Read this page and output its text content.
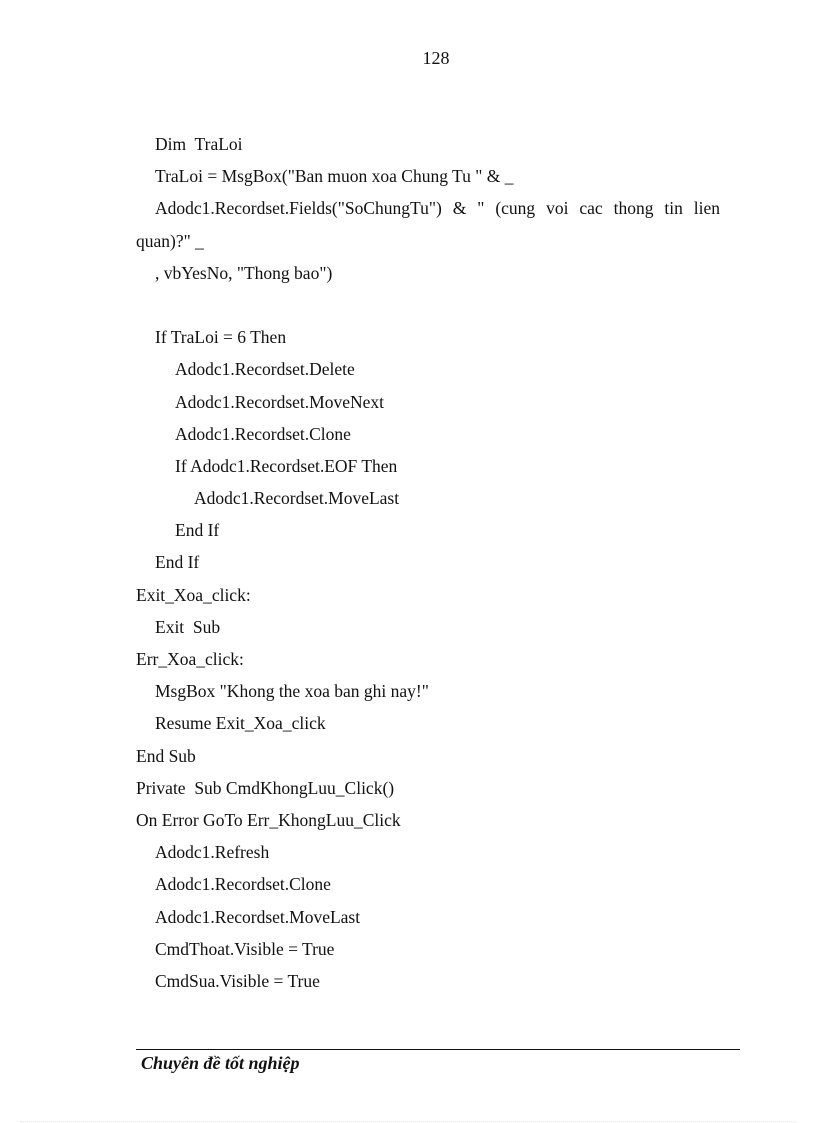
128
Dim  TraLoi
TraLoi = MsgBox("Ban muon xoa Chung Tu " & _
Adodc1.Recordset.Fields("SoChungTu") & " (cung voi cac thong tin lien quan)?" _
, vbYesNo, "Thong bao")
If TraLoi = 6 Then
Adodc1.Recordset.Delete
Adodc1.Recordset.MoveNext
Adodc1.Recordset.Clone
If Adodc1.Recordset.EOF Then
Adodc1.Recordset.MoveLast
End If
End If
Exit_Xoa_click:
Exit  Sub
Err_Xoa_click:
MsgBox "Khong the xoa ban ghi nay!"
Resume Exit_Xoa_click
End Sub
Private  Sub CmdKhongLuu_Click()
On Error GoTo Err_KhongLuu_Click
Adodc1.Refresh
Adodc1.Recordset.Clone
Adodc1.Recordset.MoveLast
CmdThoat.Visible = True
CmdSua.Visible = True
Chuyên đề tốt nghiệp
